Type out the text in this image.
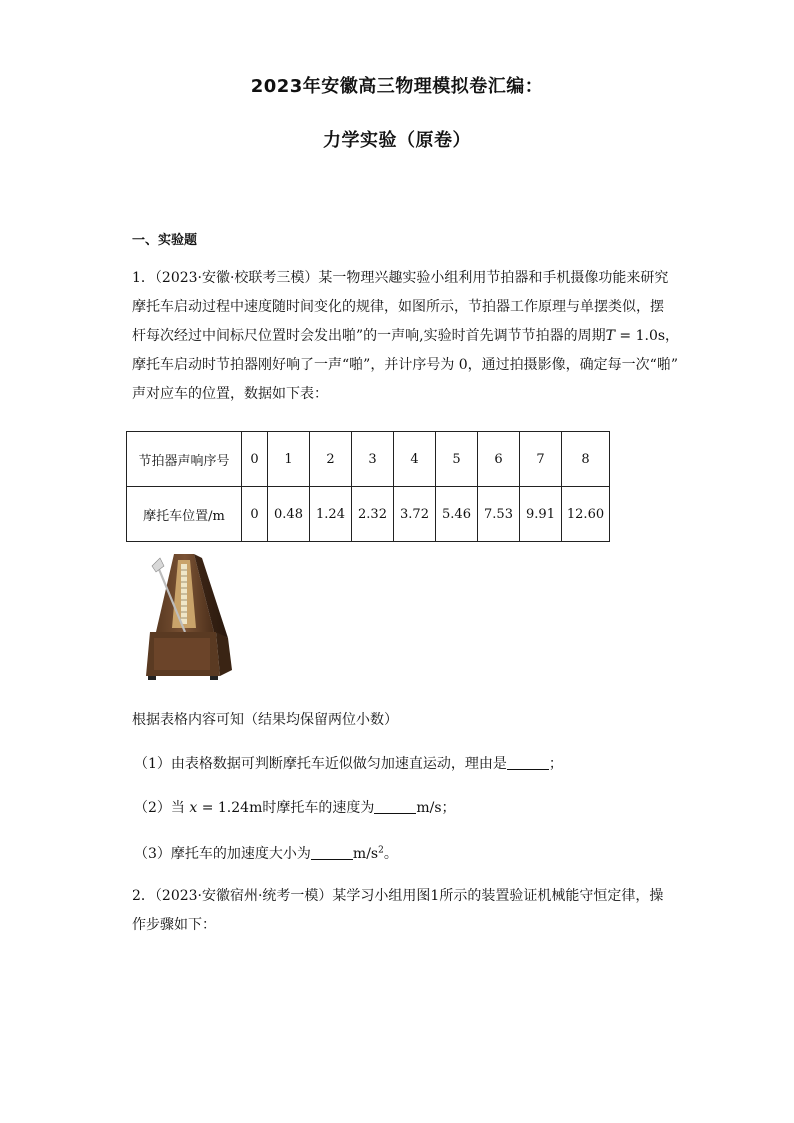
2023年安徽高三物理模拟卷汇编：
力学实验（原卷）
一、实验题
1．（2023·安徽·校联考三模）某一物理兴趣实验小组利用节拍器和手机摄像功能来研究
摩托车启动过程中速度随时间变化的规律，如图所示，节拍器工作原理与单摆类似，摆
杆每次经过中间标尺位置时会发出啪”的一声响,实验时首先调节节拍器的周期T = 1.0s，
摩托车启动时节拍器刚好响了一声“啪”，并计序号为 0，通过拍摄影像，确定每一次“啪”
声对应车的位置，数据如下表：
节拍器声响序号	0	1	2	3	4	5	6	7	8
摩托车位置/m	0	0.48	1.24	2.32	3.72	5.46	7.53	9.91	12.60
根据表格内容可知（结果均保留两位小数）
（1）由表格数据可判断摩托车近似做匀加速直运动，理由是	；
（2）当 x = 1.24m时摩托车的速度为	m/s；
（3）摩托车的加速度大小为	$m/s^2$。
2．（2023·安徽宿州·统考一模）某学习小组用图1所示的装置验证机械能守恒定律，操
作步骤如下：
